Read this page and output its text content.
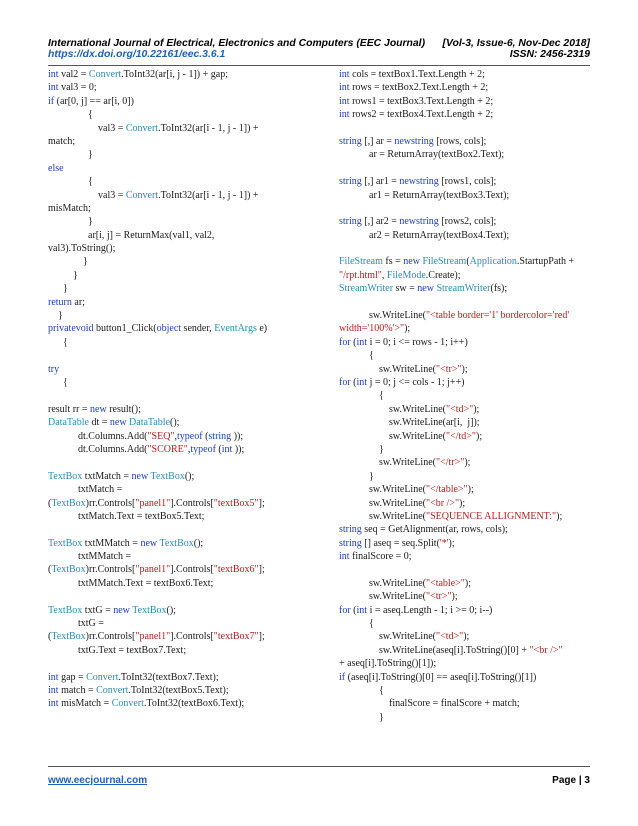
International Journal of Electrical, Electronics and Computers (EEC Journal)
https://dx.doi.org/10.22161/eec.3.6.1
[Vol-3, Issue-6, Nov-Dec 2018]
ISSN: 2456-2319
int val2 = Convert.ToInt32(ar[i, j - 1]) + gap;
int val3 = 0;
if (ar[0, j] == ar[i, 0])
{
val3 = Convert.ToInt32(ar[i - 1, j - 1]) +
match;
}
else
{
val3 = Convert.ToInt32(ar[i - 1, j - 1]) +
misMatch;
}
ar[i, j] = ReturnMax(val1, val2,
val3).ToString();
}
}
}
return ar;
}
privatevoid button1_Click(object sender, EventArgs e)
{
try
{
result rr = new result();
DataTable dt = new DataTable();
dt.Columns.Add("SEQ",typeof (string ));
dt.Columns.Add("SCORE",typeof (int ));
TextBox txtMatch = new TextBox();
txtMatch =
(TextBox)rr.Controls["panel1"].Controls["textBox5"];
txtMatch.Text = textBox5.Text;
TextBox txtMMatch = new TextBox();
txtMMatch =
(TextBox)rr.Controls["panel1"].Controls["textBox6"];
txtMMatch.Text = textBox6.Text;
TextBox txtG = new TextBox();
txtG =
(TextBox)rr.Controls["panel1"].Controls["textBox7"];
txtG.Text = textBox7.Text;
int gap = Convert.ToInt32(textBox7.Text);
int match = Convert.ToInt32(textBox5.Text);
int misMatch = Convert.ToInt32(textBox6.Text);
int cols = textBox1.Text.Length + 2;
int rows = textBox2.Text.Length + 2;
int rows1 = textBox3.Text.Length + 2;
int rows2 = textBox4.Text.Length + 2;
string [,] ar = newstring [rows, cols];
ar = ReturnArray(textBox2.Text);
string [,] ar1 = newstring [rows1, cols];
ar1 = ReturnArray(textBox3.Text);
string [,] ar2 = newstring [rows2, cols];
ar2 = ReturnArray(textBox4.Text);
FileStream fs = new FileStream(Application.StartupPath +
"/rpt.html", FileMode.Create);
StreamWriter sw = new StreamWriter(fs);
sw.WriteLine("<table border='1' bordercolor='red'
width='100%'>");
for (int i = 0; i <= rows - 1; i++)
{
sw.WriteLine("<tr>");
for (int j = 0; j <= cols - 1; j++)
{
sw.WriteLine("<td>");
sw.WriteLine(ar[i,  j]);
sw.WriteLine("</td>");
}
sw.WriteLine("</tr>");
}
sw.WriteLine("</table>");
sw.WriteLine("<br />");
sw.WriteLine("SEQUENCE ALLIGNMENT:");
string seq = GetAlignment(ar, rows, cols);
string [] aseq = seq.Split('*');
int finalScore = 0;
sw.WriteLine("<table>");
sw.WriteLine("<tr>");
for (int i = aseq.Length - 1; i >= 0; i--)
{
sw.WriteLine("<td>");
sw.WriteLine(aseq[i].ToString()[0] + "<br />"
+ aseq[i].ToString()[1]);
if (aseq[i].ToString()[0] == aseq[i].ToString()[1])
{
finalScore = finalScore + match;
}
www.eecjournal.com	Page | 3
